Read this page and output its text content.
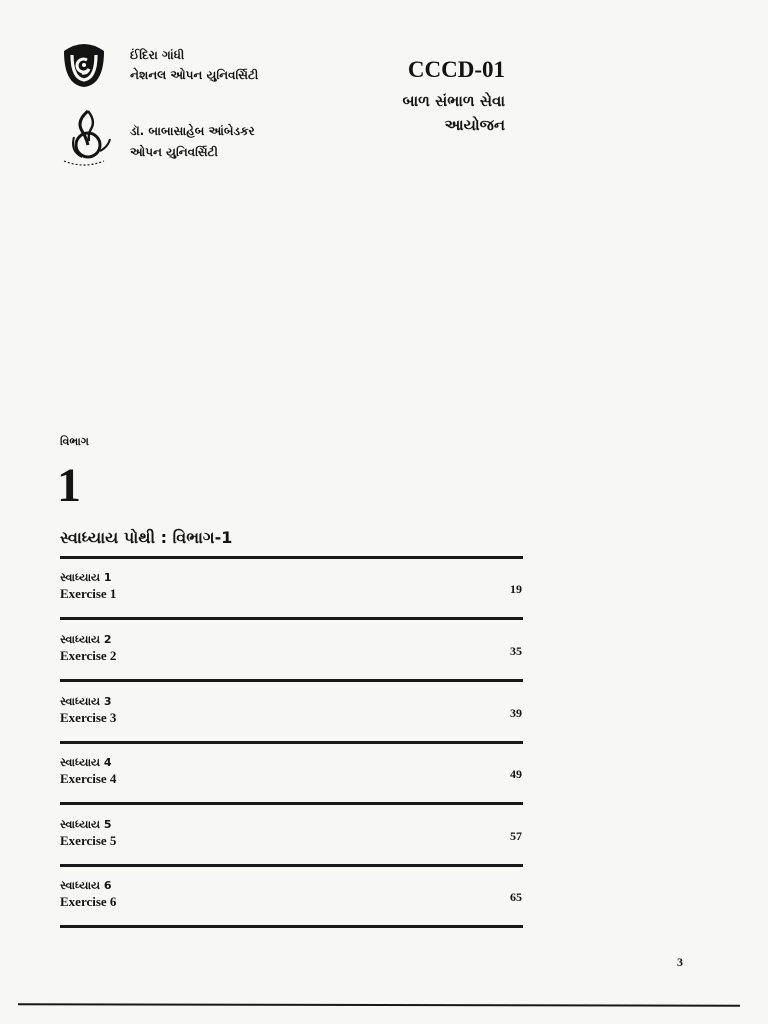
ઈંદિરા ગાંધી
નેશનલ ઓપન યુનિવર્સિટી
ડૉ. બાબાસાહેબ આંબેડકર
ઓપન યુનિવર્સિટી
CCCD-01
બાળ સંભાળ સેવા
આયોજન
વિભાગ
1
સ્વાધ્યાય પોથી : વિભાગ-1
સ્વાધ્યાય 1
Exercise 1	19
સ્વાધ્યાય 2
Exercise 2	35
સ્વાધ્યાય 3
Exercise 3	39
સ્વાધ્યાય 4
Exercise 4	49
સ્વાધ્યાય 5
Exercise 5	57
સ્વાધ્યાય 6
Exercise 6	65
3
